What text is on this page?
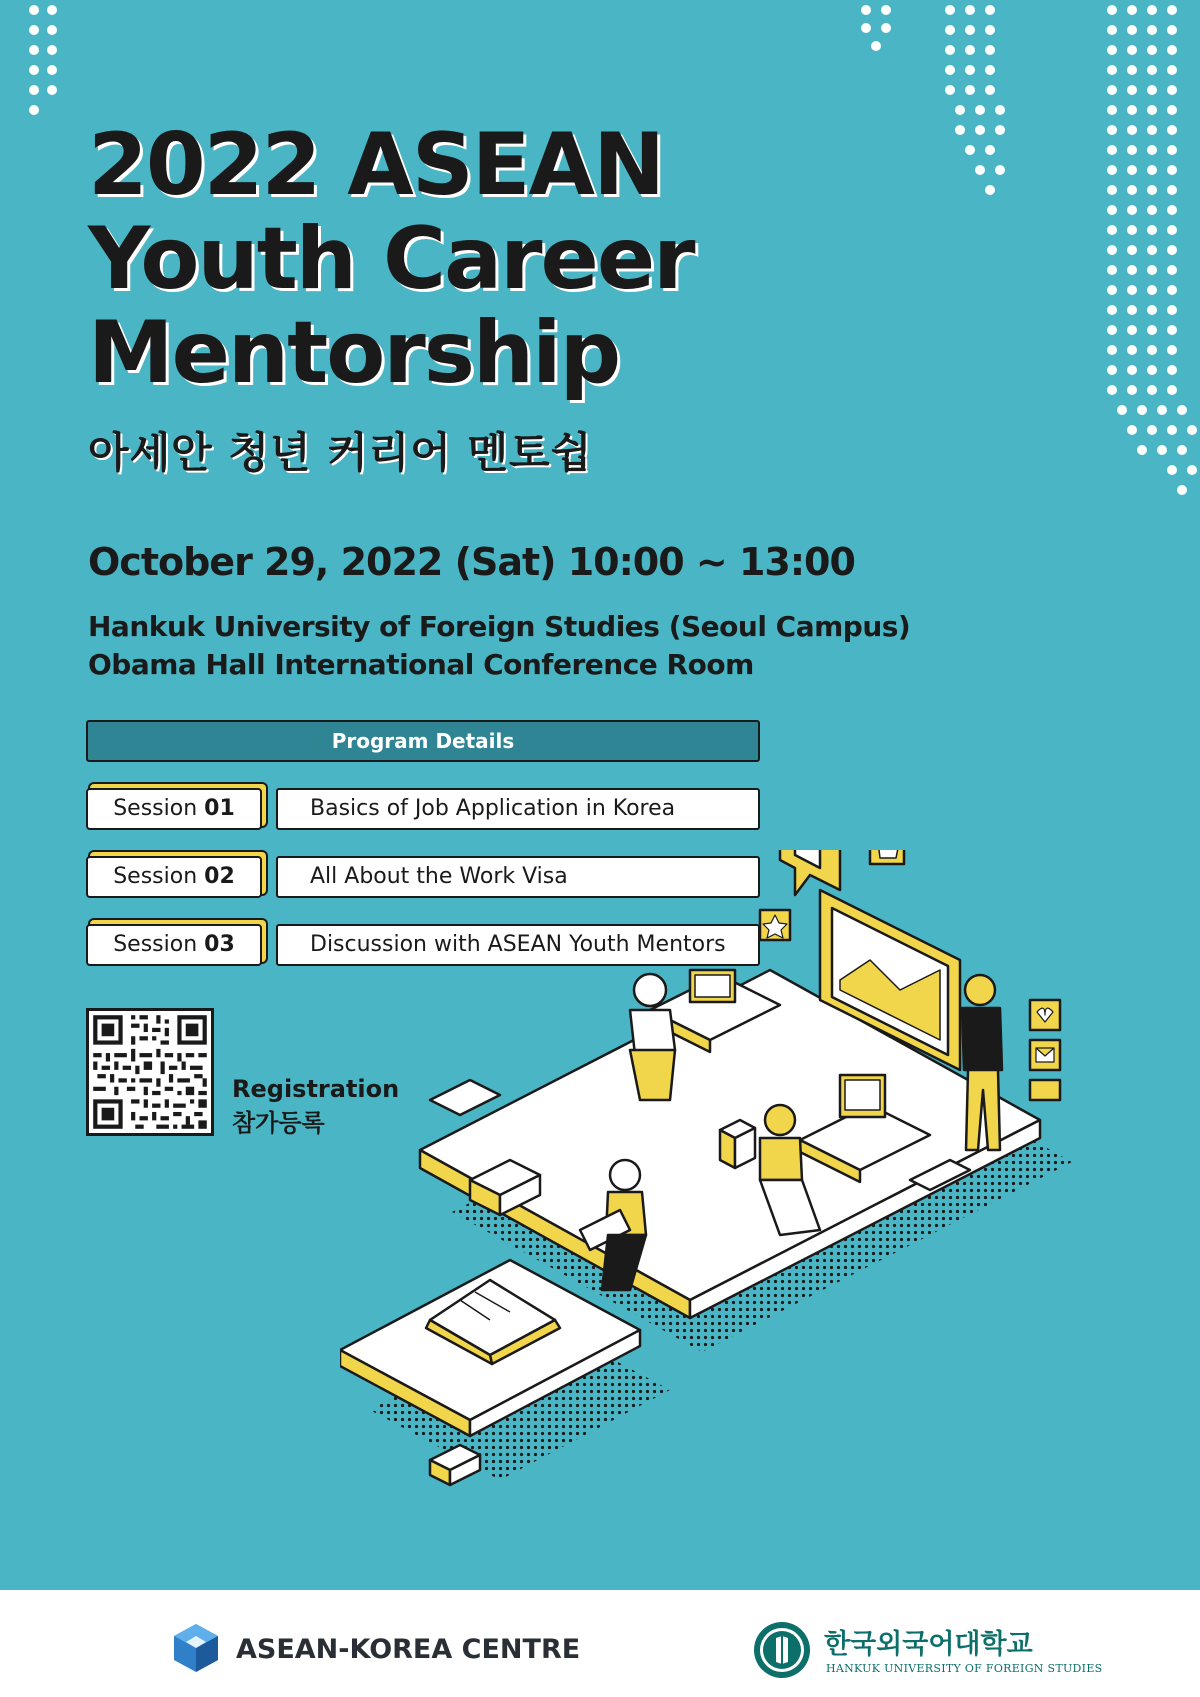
2022 ASEAN
Youth Career
Mentorship
아세안 청년 커리어 멘토쉽
October 29, 2022 (Sat) 10:00 ~ 13:00
Hankuk University of Foreign Studies (Seoul Campus)
Obama Hall International Conference Room
Program Details
Session 01	Basics of Job Application in Korea
Session 02	All About the Work Visa
Session 03	Discussion with ASEAN Youth Mentors
Registration
참가등록
ASEAN-KOREA CENTRE	한국외국어대학교
HANKUK UNIVERSITY OF FOREIGN STUDIES
